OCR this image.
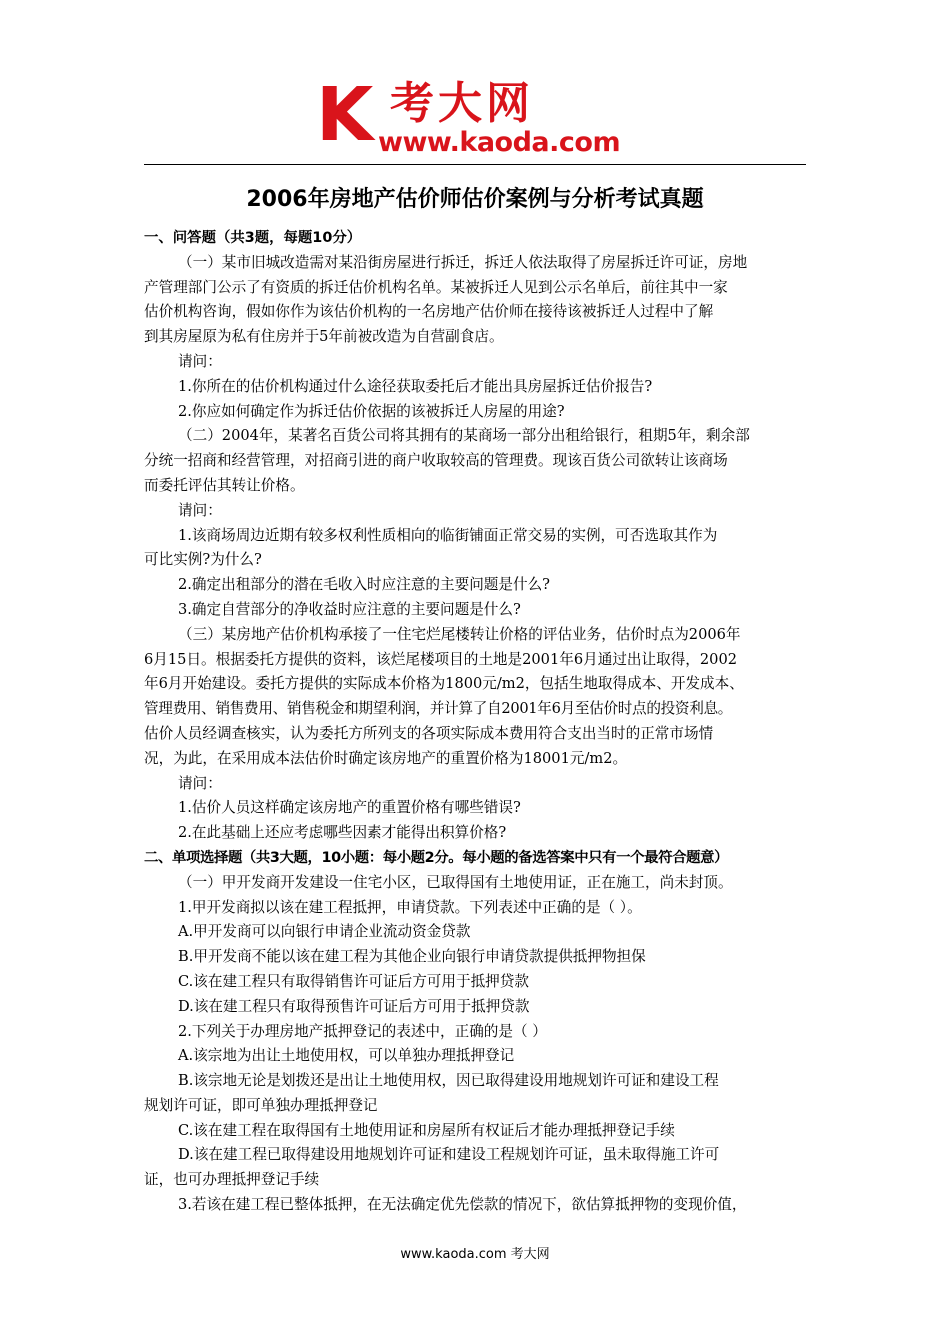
K 考大网
www.kaoda.com
2006年房地产估价师估价案例与分析考试真题

一、问答题（共3题，每题10分）

（一）某市旧城改造需对某沿街房屋进行拆迁，拆迁人依法取得了房屋拆迁许可证，房地

产管理部门公示了有资质的拆迁估价机构名单。某被拆迁人见到公示名单后，前往其中一家

估价机构咨询，假如你作为该估价机构的一名房地产估价师在接待该被拆迁人过程中了解

到其房屋原为私有住房并于5年前被改造为自营副食店。

请问：

1.你所在的估价机构通过什么途径获取委托后才能出具房屋拆迁估价报告?

2.你应如何确定作为拆迁估价依据的该被拆迁人房屋的用途?

（二）2004年，某著名百货公司将其拥有的某商场一部分出租给银行，租期5年，剩余部

分统一招商和经营管理，对招商引进的商户收取较高的管理费。现该百货公司欲转让该商场

而委托评估其转让价格。

请问：

1.该商场周边近期有较多权利性质相向的临街铺面正常交易的实例，可否选取其作为

可比实例?为什么?

2.确定出租部分的潜在毛收入时应注意的主要问题是什么?

3.确定自营部分的净收益时应注意的主要问题是什么?

（三）某房地产估价机构承接了一住宅烂尾楼转让价格的评估业务，估价时点为2006年

6月15日。根据委托方提供的资料，该烂尾楼项目的土地是2001年6月通过出让取得，2002

年6月开始建设。委托方提供的实际成本价格为1800元/m2，包括生地取得成本、开发成本、

管理费用、销售费用、销售税金和期望利润，并计算了自2001年6月至估价时点的投资利息。

估价人员经调查核实，认为委托方所列支的各项实际成本费用符合支出当时的正常市场情

况，为此，在采用成本法估价时确定该房地产的重置价格为18001元/m2。

请问：

1.估价人员这样确定该房地产的重置价格有哪些错误?

2.在此基础上还应考虑哪些因素才能得出积算价格?

二、单项选择题（共3大题，10小题：每小题2分。每小题的备选答案中只有一个最符合题意）

（一）甲开发商开发建设一住宅小区，已取得国有土地使用证，正在施工，尚未封顶。

1.甲开发商拟以该在建工程抵押，申请贷款。下列表述中正确的是（ ）。

A.甲开发商可以向银行申请企业流动资金贷款

B.甲开发商不能以该在建工程为其他企业向银行申请贷款提供抵押物担保

C.该在建工程只有取得销售许可证后方可用于抵押贷款

D.该在建工程只有取得预售许可证后方可用于抵押贷款

2.下列关于办理房地产抵押登记的表述中，正确的是（ ）

A.该宗地为出让土地使用权，可以单独办理抵押登记

B.该宗地无论是划拨还是出让土地使用权，因已取得建设用地规划许可证和建设工程

规划许可证，即可单独办理抵押登记

C.该在建工程在取得国有土地使用证和房屋所有权证后才能办理抵押登记手续

D.该在建工程已取得建设用地规划许可证和建设工程规划许可证，虽未取得施工许可

证，也可办理抵押登记手续

3.若该在建工程已整体抵押，在无法确定优先偿款的情况下，欲估算抵押物的变现价值，

www.kaoda.com 考大网
